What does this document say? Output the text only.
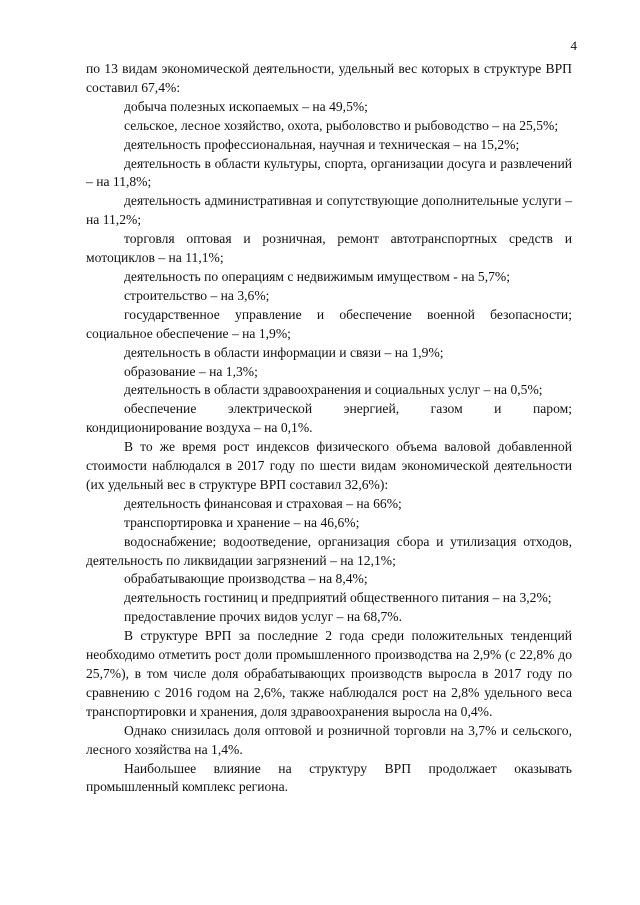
4

по 13 видам экономической деятельности, удельный вес которых в структуре ВРП составил 67,4%:

добыча полезных ископаемых – на 49,5%;

сельское, лесное хозяйство, охота, рыболовство и рыбоводство – на 25,5%;

деятельность профессиональная, научная и техническая – на 15,2%;

деятельность в области культуры, спорта, организации досуга и развлечений – на 11,8%;

деятельность административная и сопутствующие дополнительные услуги – на 11,2%;

торговля оптовая и розничная, ремонт автотранспортных средств и мотоциклов – на 11,1%;

деятельность по операциям с недвижимым имуществом - на 5,7%;

строительство – на 3,6%;

государственное управление и обеспечение военной безопасности; социальное обеспечение – на 1,9%;

деятельность в области информации и связи – на 1,9%;

образование – на 1,3%;

деятельность в области здравоохранения и социальных услуг – на 0,5%;

обеспечение электрической энергией, газом и паром;

кондиционирование воздуха – на 0,1%.

В то же время рост индексов физического объема валовой добавленной стоимости наблюдался в 2017 году по шести видам экономической деятельности (их удельный вес в структуре ВРП составил 32,6%):

деятельность финансовая и страховая – на 66%;

транспортировка и хранение – на 46,6%;

водоснабжение; водоотведение, организация сбора и утилизация отходов, деятельность по ликвидации загрязнений – на 12,1%;

обрабатывающие производства – на 8,4%;

деятельность гостиниц и предприятий общественного питания – на 3,2%;

предоставление прочих видов услуг – на 68,7%.

В структуре ВРП за последние 2 года среди положительных тенденций необходимо отметить рост доли промышленного производства на 2,9% (с 22,8% до 25,7%), в том числе доля обрабатывающих производств выросла в 2017 году по сравнению с 2016 годом на 2,6%, также наблюдался рост на 2,8% удельного веса транспортировки и хранения, доля здравоохранения выросла на 0,4%.

Однако снизилась доля оптовой и розничной торговли на 3,7% и сельского, лесного хозяйства на 1,4%.

Наибольшее влияние на структуру ВРП продолжает оказывать промышленный комплекс региона.
